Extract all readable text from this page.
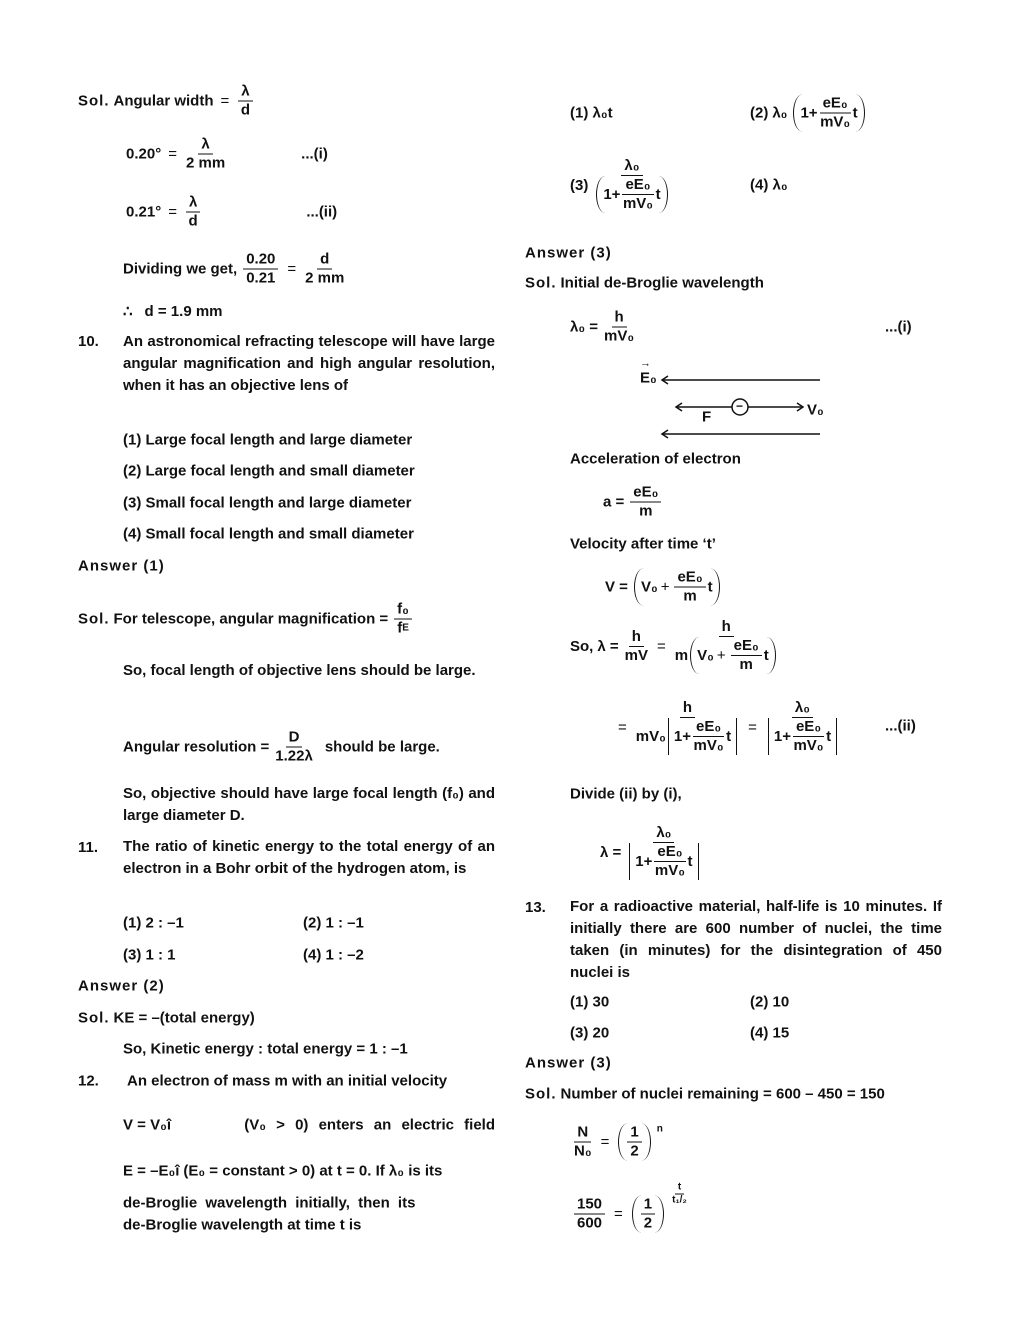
Sol. Angular width = $\frac{\lambda}{d}$
$0.20^\circ = \frac{\lambda}{2 mm}$	...(i)
$0.21^\circ = \frac{\lambda}{d}$	...(ii)
Dividing we get, $\frac{0.20}{0.21} = \frac{d}{2 mm}$
∴ d = 1.9 mm
10. An astronomical refracting telescope will have large angular magnification and high angular resolution, when it has an objective lens of
(1) Large focal length and large diameter
(2) Large focal length and small diameter
(3) Small focal length and large diameter
(4) Small focal length and small diameter
Answer (1)
Sol. For telescope, angular magnification = $\frac{\text{f₀}}{\text{f E}}$
So, focal length of objective lens should be large.
Angular resolution = $\frac{D}{1.22\lambda}$ should be large.
So, objective should have large focal length (f₀) and large diameter D.
11. The ratio of kinetic energy to the total energy of an electron in a Bohr orbit of the hydrogen atom, is
(1) 2 : –1	(2) 1 : –1
(3) 1 : 1	(4) 1 : –2
Answer (2)
Sol. KE = –(total energy)
So, Kinetic energy : total energy = 1 : –1
12.	An electron of mass m with an initial velocity
V = V₀î	(V₀ > 0) enters an electric field
E = –E₀î (E₀ = constant > 0) at t = 0. If λ₀ is its
de-Broglie wavelength initially, then its
de-Broglie wavelength at time t is
(1) λ₀t	(2) λ₀ $1+ \frac{\text{eE₀}}{\text{mV₀}}$ t
$(3) \frac{\text{λ₀}}{1+ \frac{\text{eE₀}}{\text{mV₀}} t}$	(4) λ₀
Answer (3)
Sol. Initial de-Broglie wavelength
$\lambda_0 = \frac{h}{\text{mV₀}}$	...(i)
→
E₀
F	V₀
−
Acceleration of electron
$a = \frac{\text{eE₀}}{m}$
Velocity after time ‘t’
$V = V_0 + \frac{\text{eE₀}}{m}$ t
So, $\lambda = \frac{h}{mV} = \frac{h}{m V_0 + \frac{\text{eE₀}}{m} t}$
= $\frac{h}{mV_0 1+ \frac{\text{eE₀}}{\text{mV₀}} t} = \frac{\text{λ₀}}{1+ \frac{\text{eE₀}}{\text{mV₀}} t}$	...(ii)
Divide (ii) by (i),
$\lambda = \frac{\text{λ₀}}{1+ \frac{\text{eE₀}}{\text{mV₀}} t}$
13. For a radioactive material, half-life is 10 minutes. If initially there are 600 number of nuclei, the time taken (in minutes) for the disintegration of 450 nuclei is
(1) 30	(2) 10
(3) 20	(4) 15
Answer (3)
Sol. Number of nuclei remaining = 600 – 450 = 150
$\frac{N}{\text{N₀}} = \frac{1}{2} ^n$
$\frac{150}{600} = \frac{1}{2}$
$\frac{t}{\text{t₁/₂}}$
